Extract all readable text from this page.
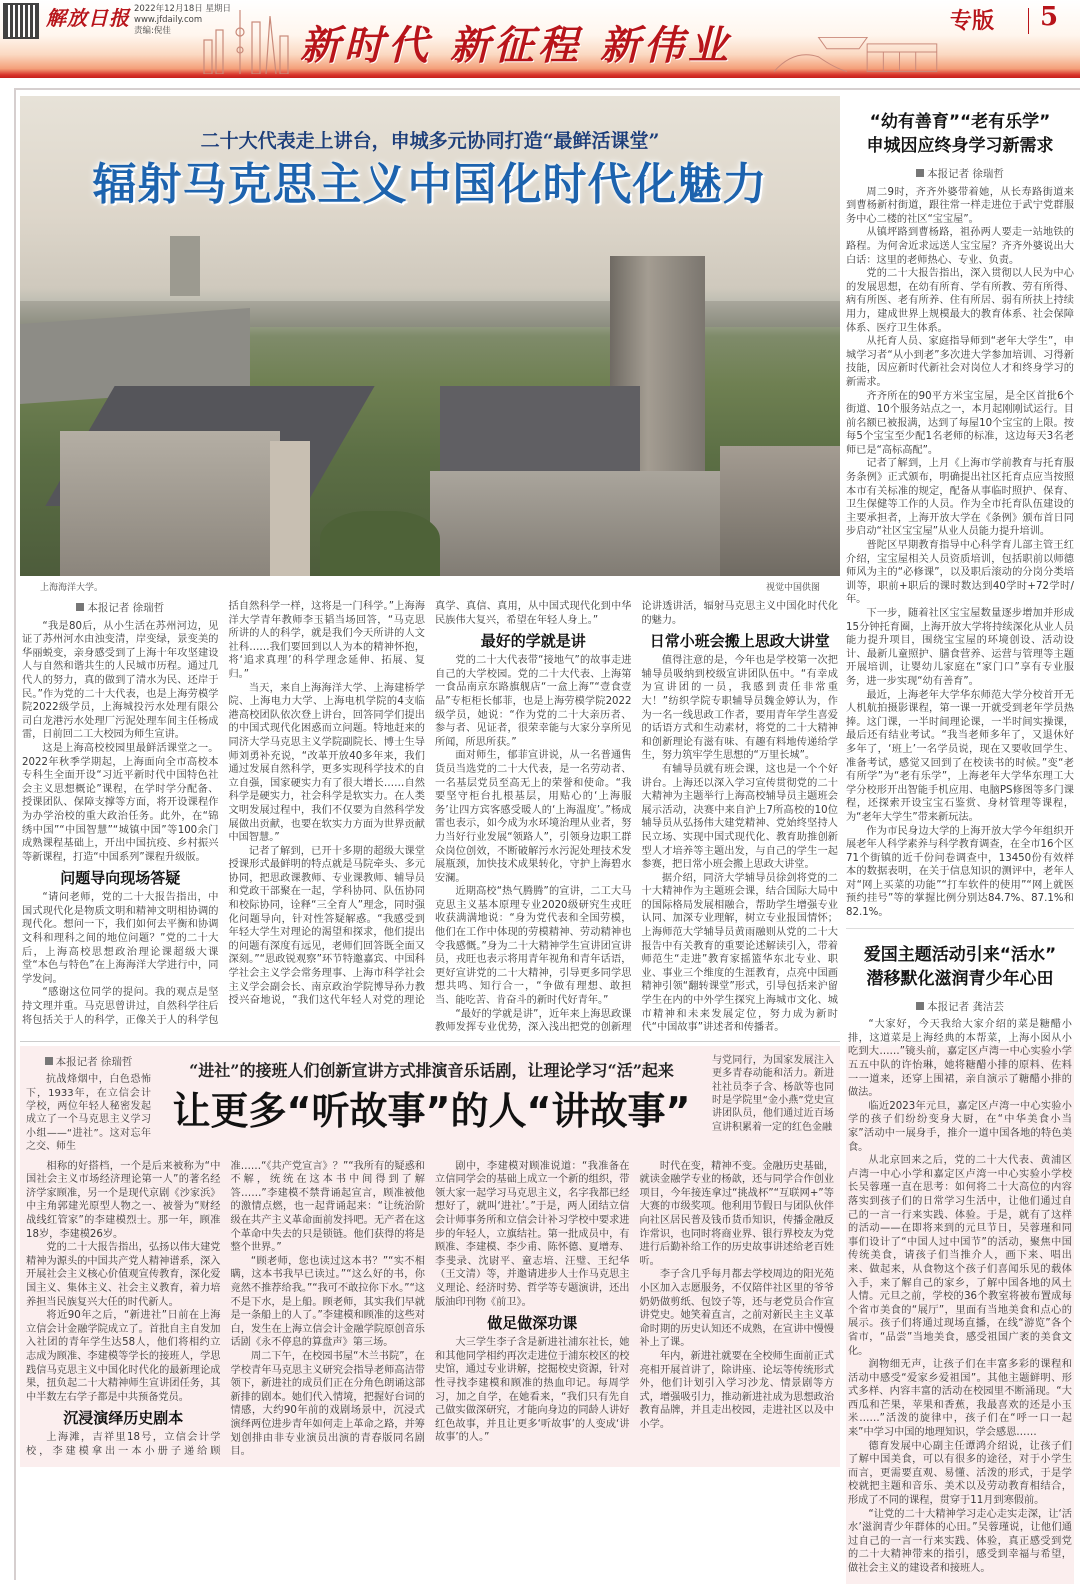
解放日报 2022年12月18日 星期日
www.jfdaily.com
责编:倪佳	新时代 新征程 新伟业
专版 5
二十大代表走上讲台，申城多元协同打造“最鲜活课堂”
辐射马克思主义中国化时代化魅力
上海海洋大学。	视觉中国供图

本报记者 徐瑞哲

“我是80后，从小生活在苏州河边，见证了苏州河水由浊变清，岸变绿，景变美的华丽蜕变，亲身感受到了上海十年攻坚建设人与自然和谐共生的人民城市历程。通过几代人的努力，真的做到了清水为民、还岸于民。”作为党的二十大代表，也是上海劳模学院2022级学员，上海城投污水处理有限公司白龙港污水处理厂污泥处理车间主任杨成雷，日前回二工大校园为师生宣讲。

这是上海高校校园里最鲜活课堂之一。2022年秋季学期起，上海面向全市高校本专科生全面开设“习近平新时代中国特色社会主义思想概论”课程，在学时学分配备、授课团队、保障支撑等方面，将开设课程作为办学治校的重大政治任务。此外，在“锦绣中国”“中国智慧”“城镇中国”等100余门成熟课程基础上，开出中国抗疫、乡村振兴等新课程，打造“中国系列”课程升级版。

问题导向现场答疑

“请问老师，党的二十大报告指出，中国式现代化是物质文明和精神文明相协调的现代化。想问一下，我们如何去平衡和协调文科和理科之间的地位问题？”党的二十大后，上海高校思想政治理论课超级大课堂“本色与特色”在上海海洋大学进行中，同学发问。

“感谢这位同学的提问。我的观点是坚持文理并重。马克思曾讲过，自然科学往后将包括关于人的科学，正像关于人的科学包括自然科学一样，这将是一门科学。”上海海洋大学青年教师李玉韬当场回答，“马克思所讲的人的科学，就是我们今天所讲的人文社科……我们要回到以人为本的精神怀抱，将‘追求真理’的科学理念延伸、拓展、复归。”

当天，来自上海海洋大学、上海建桥学院、上海电力大学、上海电机学院的4支临港高校团队依次登上讲台，回答同学们提出的中国式现代化困惑而立问题。特地赶来的同济大学马克思主义学院副院长、博士生导师刘勇补充说，“改革开放40多年来，我们通过发展自然科学，更多实现科学技术的自立自强，国家硬实力有了很大增长……自然科学是硬实力，社会科学是软实力。在人类文明发展过程中，我们不仅要为自然科学发展做出贡献，也要在软实力方面为世界贡献中国智慧。”

记者了解到，已开十多期的超级大课堂授课形式最鲜明的特点就是马院牵头、多元协同，把思政课教师、专业课教师、辅导员和党政干部聚在一起，学科协同、队伍协同和校际协同，诠释“三全育人”理念，同时强化问题导向，针对性答疑解惑。“我感受到年轻大学生对理论的渴望和探求，他们提出的问题有深度有远见，老师们回答既全面又深刻。”“思政锐观察”环节特邀嘉宾、中国科学社会主义学会常务理事、上海市科学社会主义学会副会长、南京政治学院博导孙力教授兴奋地说，“我们这代年轻人对党的理论真学、真信、真用，从中国式现代化到中华民族伟大复兴，希望在年轻人身上。”

最好的学就是讲

党的二十大代表带“接地气”的故事走进自己的大学校园。党的二十大代表、上海第一食品南京东路旗舰店“一盒上海”“壹食壹品”专柜柜长郁菲，也是上海劳模学院2022级学员，她说：“作为党的二十大亲历者、参与者、见证者，很荣幸能与大家分享所见所闻，所思所获。”

面对师生，郁菲宣讲说，从一名普通售货员当选党的二十大代表，是一名劳动者、一名基层党员至高无上的荣誉和使命。“我要坚守柜台扎根基层，用贴心的‘上海服务’让四方宾客感受暖人的‘上海温度’。”杨成雷也表示，如今成为水环境治理从业者，努力当好行业发展“领路人”，引领身边职工群众岗位创效，不断破解污水污泥处理技术发展瓶颈，加快技术成果转化，守护上海碧水安澜。

近期高校“热气腾腾”的宣讲，二工大马克思主义基本原理专业2020级研究生戎旺收获满满地说：“身为党代表和全国劳模，他们在工作中体现的劳模精神、劳动精神也令我感慨。”身为二十大精神学生宣讲团宣讲员，戎旺也表示将用青年视角和青年话语，更好宣讲党的二十大精神，引导更多同学思想共鸣、知行合一，“争做有理想、敢担当、能吃苦、肯奋斗的新时代好青年。”

“最好的学就是讲”，近年来上海思政课教师发挥专业优势，深入浅出把党的创新理论讲透讲活，辐射马克思主义中国化时代化的魅力。

日常小班会搬上思政大讲堂

值得注意的是，今年也是学校第一次把辅导员吸纳到校级宣讲团队伍中。“有幸成为宣讲团的一员，我感到责任非常重大！”纺织学院专职辅导员魏金婷认为，作为一名一线思政工作者，要用青年学生喜爱的话语方式和生动素材，将党的二十大精神和创新理论有滋有味、有趣有料地传递给学生，努力筑牢学生思想的“万里长城”。

有辅导员就有班会课，这也是一个个好讲台。上海还以深入学习宣传贯彻党的二十大精神为主题举行上海高校辅导员主题班会展示活动，决赛中来自沪上7所高校的10位辅导员从弘扬伟大建党精神、党始终坚持人民立场、实现中国式现代化、教育助推创新型人才培养等主题出发，与自己的学生一起参赛，把日常小班会搬上思政大讲堂。

据介绍，同济大学辅导员徐剑将党的二十大精神作为主题班会课，结合国际大局中的国际格局发展相融合，帮助学生增强专业认同、加深专业理解，树立专业报国情怀；上海师范大学辅导员黄雨融则从党的二十大报告中有关教育的重要论述解读引入，带着师范生“走进”教育家摇篮华东北专业、职业、事业三个维度的生涯教育，点亮中国画精神引领“翻转课堂”形式，引导包括来沪留学生在内的中外学生探究上海城市文化、城市精神和未来发展定位，努力成为新时代“中国故事”讲述者和传播者。

本报记者 徐瑞哲

抗战烽烟中，白色恐怖下，1933年，在立信会计学校，两位年轻人秘密发起成立了一个马克思主义学习小组——“进社”。这对忘年之交、师生

“进社”的接班人们创新宣讲方式排演音乐话剧，让理论学习“活”起来
让更多“听故事”的人“讲故事”

与党同行，为国家发展注入更多青春动能和活力。新进社社员李子含、杨歆等也同时是学院里“金小燕”党史宣讲团队员，他们通过近百场宣讲积累着一定的红色金融

相称的好搭档，一个是后来被称为“中国社会主义市场经济理论第一人”的著名经济学家顾准，另一个是现代京剧《沙家浜》中主角郭建光原型人物之一、被誉为“财经战线红管家”的李建模烈士。那一年，顾准18岁，李建模26岁。

党的二十大报告指出，弘扬以伟大建党精神为源头的中国共产党人精神谱系，深入开展社会主义核心价值观宣传教育，深化爱国主义、集体主义、社会主义教育，着力培养担当民族复兴大任的时代新人。

将近90年之后，“新进社”日前在上海立信会计金融学院成立了。首批自主自发加入社团的青年学生达58人，他们将相约立志成为顾准、李建模等学长的接班人，学思践信马克思主义中国化时代化的最新理论成果，扭负起二十大精神师生宣讲团任务，其中半数左右学子都是中共预备党员。

沉浸演绎历史剧本

上海滩，吉祥里18号，立信会计学校，李建模拿出一本小册子递给顾准……“《共产党宣言》？”“我所有的疑惑和不解，统统在这本书中间得到了解答……”李建模不禁背诵起宣言，顾准被他的激情点燃，也一起背诵起来：“让统治阶级在共产主义革命面前发抖吧。无产者在这个革命中失去的只是锁链。他们获得的将是整个世界。”

“顾老师，您也读过这本书？”“实不相瞒，这本书我早已读过。”“这么好的书，你竟然不推荐给我。”“我可不敢拉你下水。”“这不是下水，是上船。顾老师，其实我们早就是一条船上的人了。”李建模和顾准的这些对白，发生在上海立信会计金融学院原创音乐话剧《永不停息的算盘声》第三场。

周二下午，在校园书屋“木兰书院”，在学校青年马克思主义研究会指导老师高洁带领下，新进社的成员们正在分角色朗诵这部新排的剧本。她们代入情境，把握好台词的情感，大约90年前的戏剧场景中，沉浸式演绎两位进步青年如何走上革命之路，并筹划创排由非专业演员出演的青春版同名剧目。

剧中，李建模对顾准说道：“我准备在立信同学会的基础上成立一个新的组织，带领大家一起学习马克思主义，名字我都已经想好了，就叫‘进社’。”于是，两人团结立信会计师事务所和立信会计补习学校中要求进步的年轻人，立旗结社。第一批成员中，有顾准、李建模、李少甫、陈怀德、夏增寿、李斐录、沈尉平、童志培、汪璧、王纪华（王文清）等，并邀请进步人士作马克思主义理论、经济时势、哲学等专题演讲，还出版油印刊物《前卫》。

做足做深功课

大三学生李子含是新进社浦东社长，她和其他同学相约再次走进位于浦东校区的校史馆，通过专业讲解，挖掘校史资源，针对性寻找李建模和顾准的热血印记。每周学习，加之自学，在她看来，“我们只有先自己做实做深研究，才能向身边的同龄人讲好红色故事，并且让更多‘听故事’的人变成‘讲故事’的人。”

时代在变，精神不变。金融历史基础，就读金融学专业的杨歆，还与同学合作创业项目，今年接连拿过“挑战杯”“互联网+”等大赛的市级奖项。他利用节假日与团队伙伴向社区居民普及钱币货币知识，传播金融反诈常识，也同时将商业界、银行界校友为党进行后勤补给工作的历史故事讲述给老百姓听。

李子含几乎每月都去学校周边的阳光苑小区加入志愿服务，不仅陪伴社区里的爷爷奶奶做剪纸、包饺子等，还与老党员合作宣讲党史。她笑着直言，之前对新民主主义革命时期的历史认知还不成熟，在宣讲中慢慢补上了课。

年内，新进社就要在全校师生面前正式亮相开展首讲了，除讲座、论坛等传统形式外，他们计划引入学习沙龙、情景剧等方式，增强吸引力，推动新进社成为思想政治教育品牌，并且走出校园，走进社区以及中小学。

“幼有善育”“老有乐学”
申城因应终身学习新需求

本报记者 徐瑞哲

周二9时，齐齐外婆带着她，从长寿路街道来到曹杨新村街道，跟往常一样走进位于武宁党群服务中心二楼的社区“宝宝屋”。

从镇坪路到曹杨路，祖孙两人要走一站地铁的路程。为何舍近求远送人宝宝屋？齐齐外婆说出大白话：这里的老师热心、专业、负责。

党的二十大报告指出，深入贯彻以人民为中心的发展思想，在幼有所育、学有所教、劳有所得、病有所医、老有所养、住有所居、弱有所扶上持续用力，建成世界上规模最大的教育体系、社会保障体系、医疗卫生体系。

从托育人员、家庭指导师到“老年大学生”，申城学习者“从小到老”多次进大学参加培训、习得新技能，因应新时代新社会对岗位人才和终身学习的新需求。

齐齐所在的90平方米宝宝屋，是全区首批6个街道、10个服务站点之一，本月起刚刚试运行。目前名额已被报满，达到了每屋10个宝宝的上限。按每5个宝宝至少配1名老师的标准，这边每天3名老师已是“高标高配”。

记者了解到，上月《上海市学前教育与托育服务条例》正式颁布，明确提出社区托育点应当按照本市有关标准的规定，配备从事临时照护、保育、卫生保健等工作的人员。作为全市托育队伍建设的主要承担者，上海开放大学在《条例》颁布首日同步启动“社区宝宝屋”从业人员能力提升培训。

普陀区早期教育指导中心科学育儿部主管王红介绍，宝宝屋相关人员资质培训，包括职前以师德师风为主的“必修课”，以及职后滚动的分岗分类培训等，职前+职后的课时数达到40学时+72学时/年。

下一步，随着社区宝宝屋数量逐步增加并形成15分钟托育圈，上海开放大学将持续深化从业人员能力提升项目，围绕宝宝屋的环境创设、活动设计、最新儿童照护、膳食营养、运营与管理等主题开展培训，让婴幼儿家庭在“家门口”享有专业服务，进一步实现“幼有善育”。

最近，上海老年大学华东师范大学分校首开无人机航拍摄影课程，第一课一开就受到老年学员热捧。这门课，一半时间理论课，一半时间实操课，最后还有结业考试。“我当老师多年了，又退休好多年了，‘班上’一名学员说，现在又要收回学生、准备考试，感觉又回到了在校读书的时候。”变“老有所学”为“老有乐学”，上海老年大学华东理工大学分校形开出智能手机应用、电脑PS修图等多门课程，还探索开设宝宝石鉴赏、身材管理等课程，为“老年大学生”带来新玩法。

作为市民身边大学的上海开放大学今年组织开展老年人科学素养与科学教育调查，在全市16个区71个街镇的近千份问卷调查中，13450份有效样本的数据表明，在关于信息知识的测评中，老年人对“网上买菜的功能”“打车软件的使用”“网上就医预约挂号”等的掌握比例分别达84.7%、87.1%和82.1%。

爱国主题活动引来“活水”
潜移默化滋润青少年心田

本报记者 龚洁芸

“大家好，今天我给大家介绍的菜是糖醋小排，这道菜是上海经典的本帮菜，上海小囡从小吃到大……”镜头前，嘉定区卢湾一中心实验小学五五中队的许怡琳，她将糖醋小排的原料、佐料一一道来，还穿上围裙，亲自演示了糖醋小排的做法。

临近2023年元旦，嘉定区卢湾一中心实验小学的孩子们纷纷变身大厨，在“中华美食小当家”活动中一展身手，推介一道中国各地的特色美食。

从北京回来之后，党的二十大代表、黄浦区卢湾一中心小学和嘉定区卢湾一中心实验小学校长吴蓉瑾一直在思考：如何将二十大高位的内容落实到孩子们的日常学习生活中，让他们通过自己的一言一行来实践、体验。于是，就有了这样的活动——在即将来到的元旦节日，吴蓉瑾和同事们设计了“中国人过中国节”的活动，聚焦中国传统美食，请孩子们当推介人，画下来、唱出来、做起来，从食物这个孩子们喜闻乐见的载体入手，来了解自己的家乡，了解中国各地的风土人情。元旦之前，学校的36个教室将被布置成每个省市美食的“展厅”，里面有当地美食和点心的展示。孩子们将通过现场直播，在线“游览”各个省市，“品尝”当地美食，感受祖国广袤的美食文化。

润物细无声，让孩子们在丰富多彩的课程和活动中感受“爱家乡爱祖国”。其他主题鲜明、形式多样、内容丰富的活动在校园里不断涌现。“大西瓜和芒果，苹果和香蕉，我最喜欢的还是小玉米……”活泼的旋律中，孩子们在“呼一口一起来”中学习中国的地理知识，学会感恩……

德育发展中心副主任谭鸿介绍说，让孩子们了解中国美食，可以有很多的途径，对于小学生而言，更需要直观、易懂、活泼的形式，于是学校就把主题和音乐、美术以及劳动教育相结合，形成了不同的课程，贯穿于11月到寒假前。

“让党的二十大精神学习走心走实走深，让‘活水’滋润青少年群体的心田。”吴蓉瑾说，让他们通过自己的一言一行来实践、体验，真正感受到党的二十大精神带来的指引，感受到幸福与希望，做社会主义的建设者和接班人。
